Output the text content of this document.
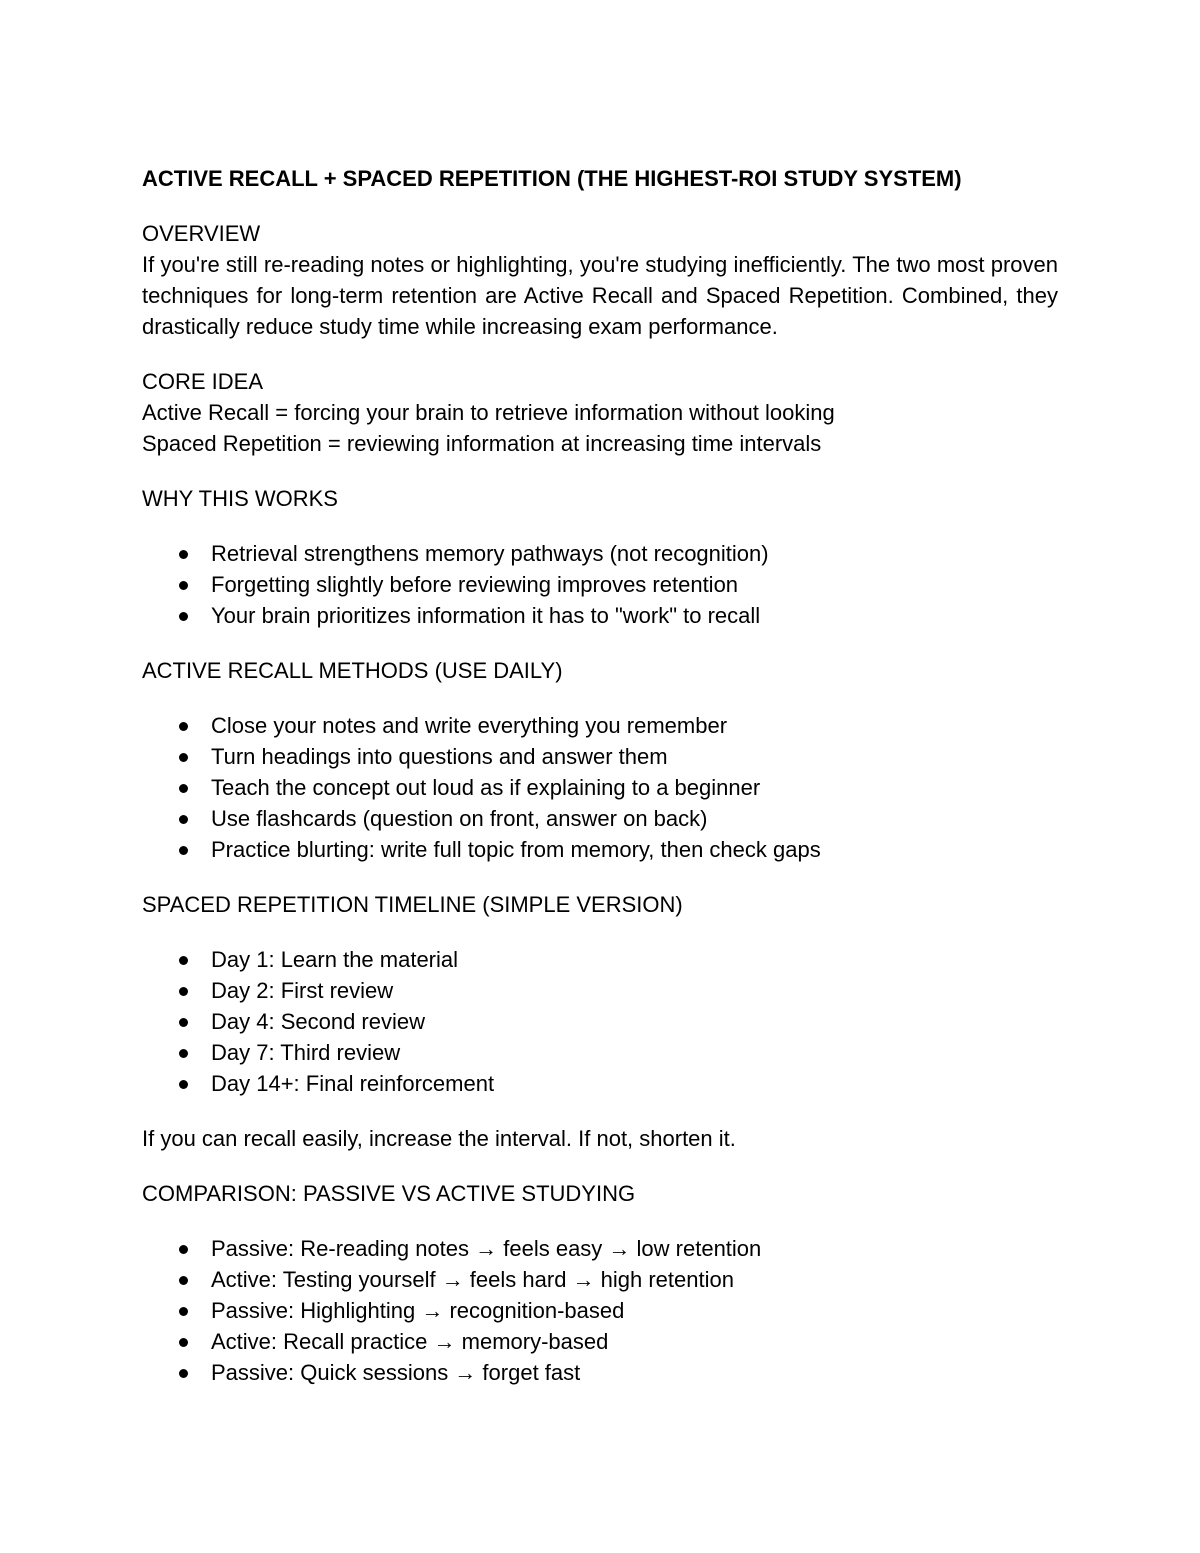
ACTIVE RECALL + SPACED REPETITION (THE HIGHEST-ROI STUDY SYSTEM)
OVERVIEW

If you're still re-reading notes or highlighting, you're studying inefficiently. The two most proven techniques for long-term retention are Active Recall and Spaced Repetition. Combined, they drastically reduce study time while increasing exam performance.

CORE IDEA
Active Recall = forcing your brain to retrieve information without looking
Spaced Repetition = reviewing information at increasing time intervals
WHY THIS WORKS
Retrieval strengthens memory pathways (not recognition)
Forgetting slightly before reviewing improves retention
Your brain prioritizes information it has to "work" to recall
ACTIVE RECALL METHODS (USE DAILY)
Close your notes and write everything you remember
Turn headings into questions and answer them
Teach the concept out loud as if explaining to a beginner
Use flashcards (question on front, answer on back)
Practice blurting: write full topic from memory, then check gaps
SPACED REPETITION TIMELINE (SIMPLE VERSION)
Day 1: Learn the material
Day 2: First review
Day 4: Second review
Day 7: Third review
Day 14+: Final reinforcement

If you can recall easily, increase the interval. If not, shorten it.

COMPARISON: PASSIVE VS ACTIVE STUDYING
Passive: Re-reading notes → feels easy → low retention
Active: Testing yourself → feels hard → high retention
Passive: Highlighting → recognition-based
Active: Recall practice → memory-based
Passive: Quick sessions → forget fast
